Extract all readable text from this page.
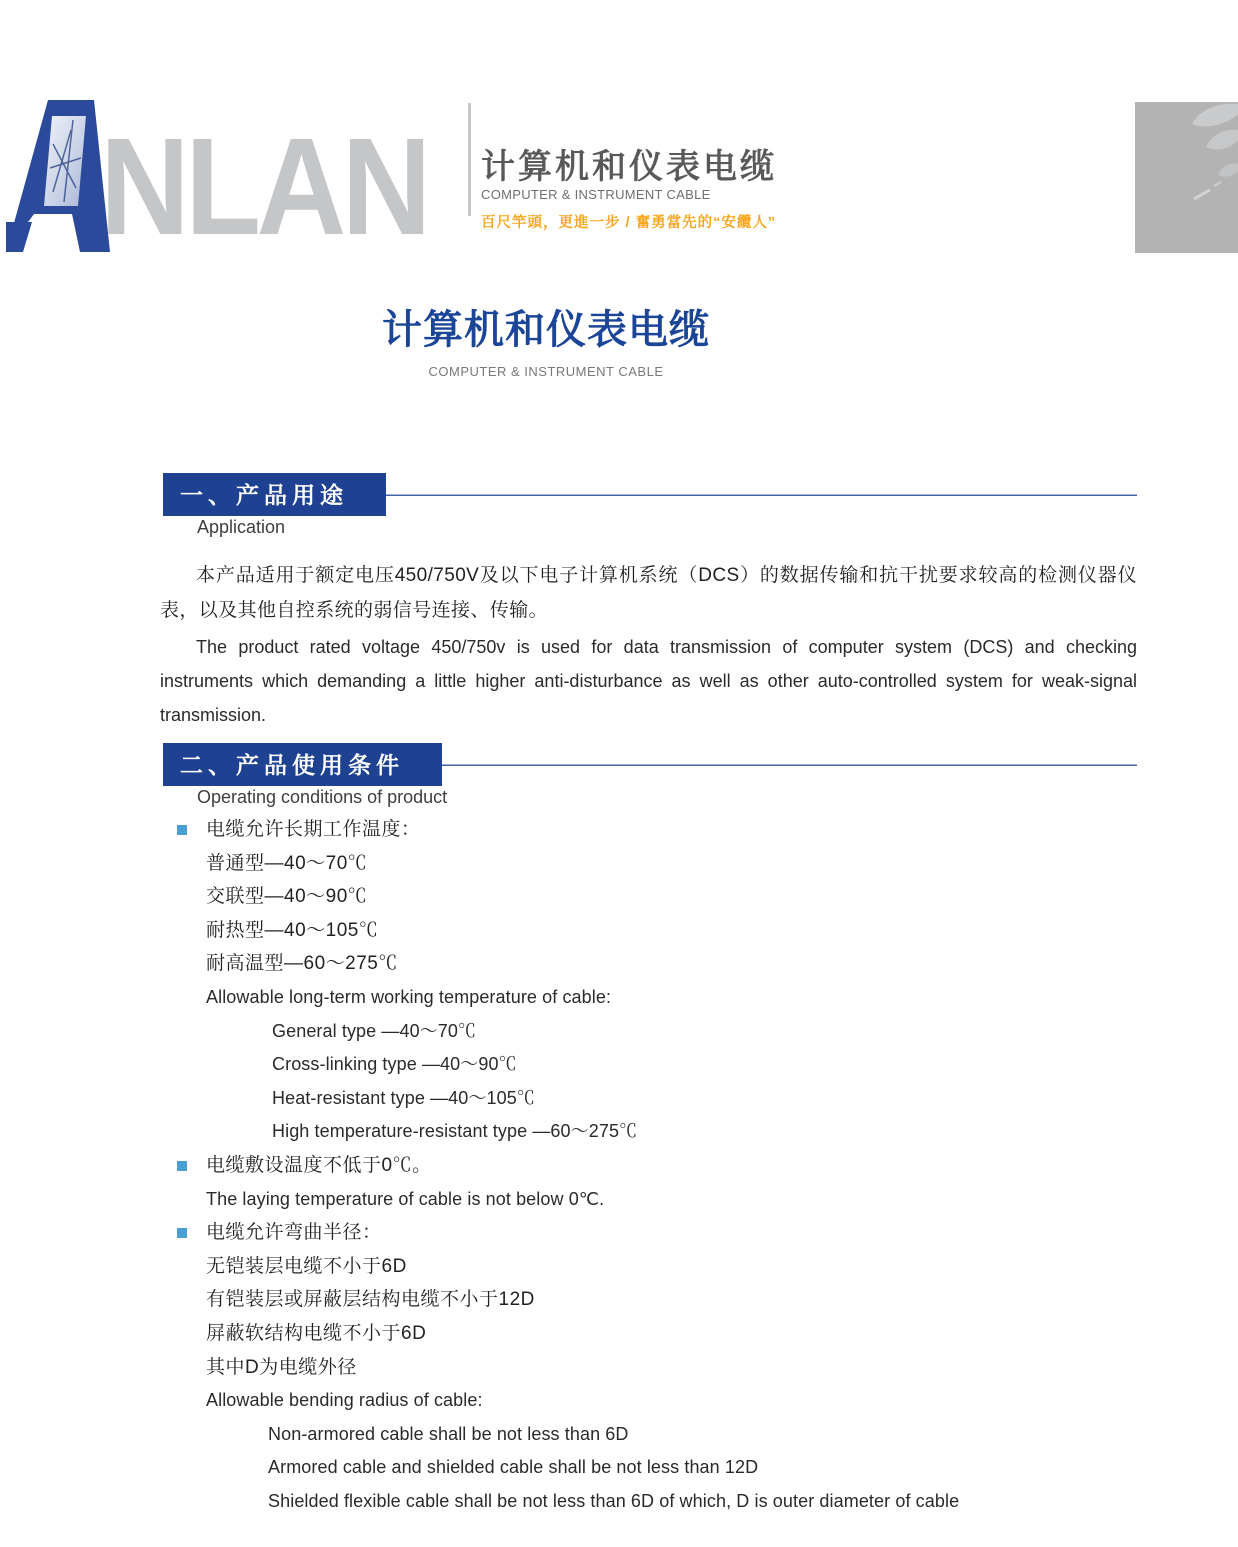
NLAN 计算机和仪表电缆
COMPUTER & INSTRUMENT CABLE
百尺竿頭，更進一步 / 奮勇當先的“安纜人”
计算机和仪表电缆
COMPUTER & INSTRUMENT CABLE
一、产品用途
Application

本产品适用于额定电压450/750V及以下电子计算机系统（DCS）的数据传输和抗干扰要求较高的检测仪器仪表，以及其他自控系统的弱信号连接、传输。

The product rated voltage 450/750v is used for data transmission of computer system (DCS) and checking instruments which demanding a little higher anti-disturbance as well as other auto-controlled system for weak-signal transmission.

二、产品使用条件
Operating conditions of product
电缆允许长期工作温度：
普通型—40～70℃
交联型—40～90℃
耐热型—40～105℃
耐高温型—60～275℃
Allowable long-term working temperature of cable:
General type —40～70℃
Cross-linking type —40～90℃
Heat-resistant type —40～105℃
High temperature-resistant type —60～275℃
电缆敷设温度不低于0℃。
The laying temperature of cable is not below 0℃.
电缆允许弯曲半径：
无铠装层电缆不小于6D
有铠装层或屏蔽层结构电缆不小于12D
屏蔽软结构电缆不小于6D
其中D为电缆外径
Allowable bending radius of cable:
Non-armored cable shall be not less than 6D
Armored cable and shielded cable shall be not less than 12D
Shielded flexible cable shall be not less than 6D of which, D is outer diameter of cable
